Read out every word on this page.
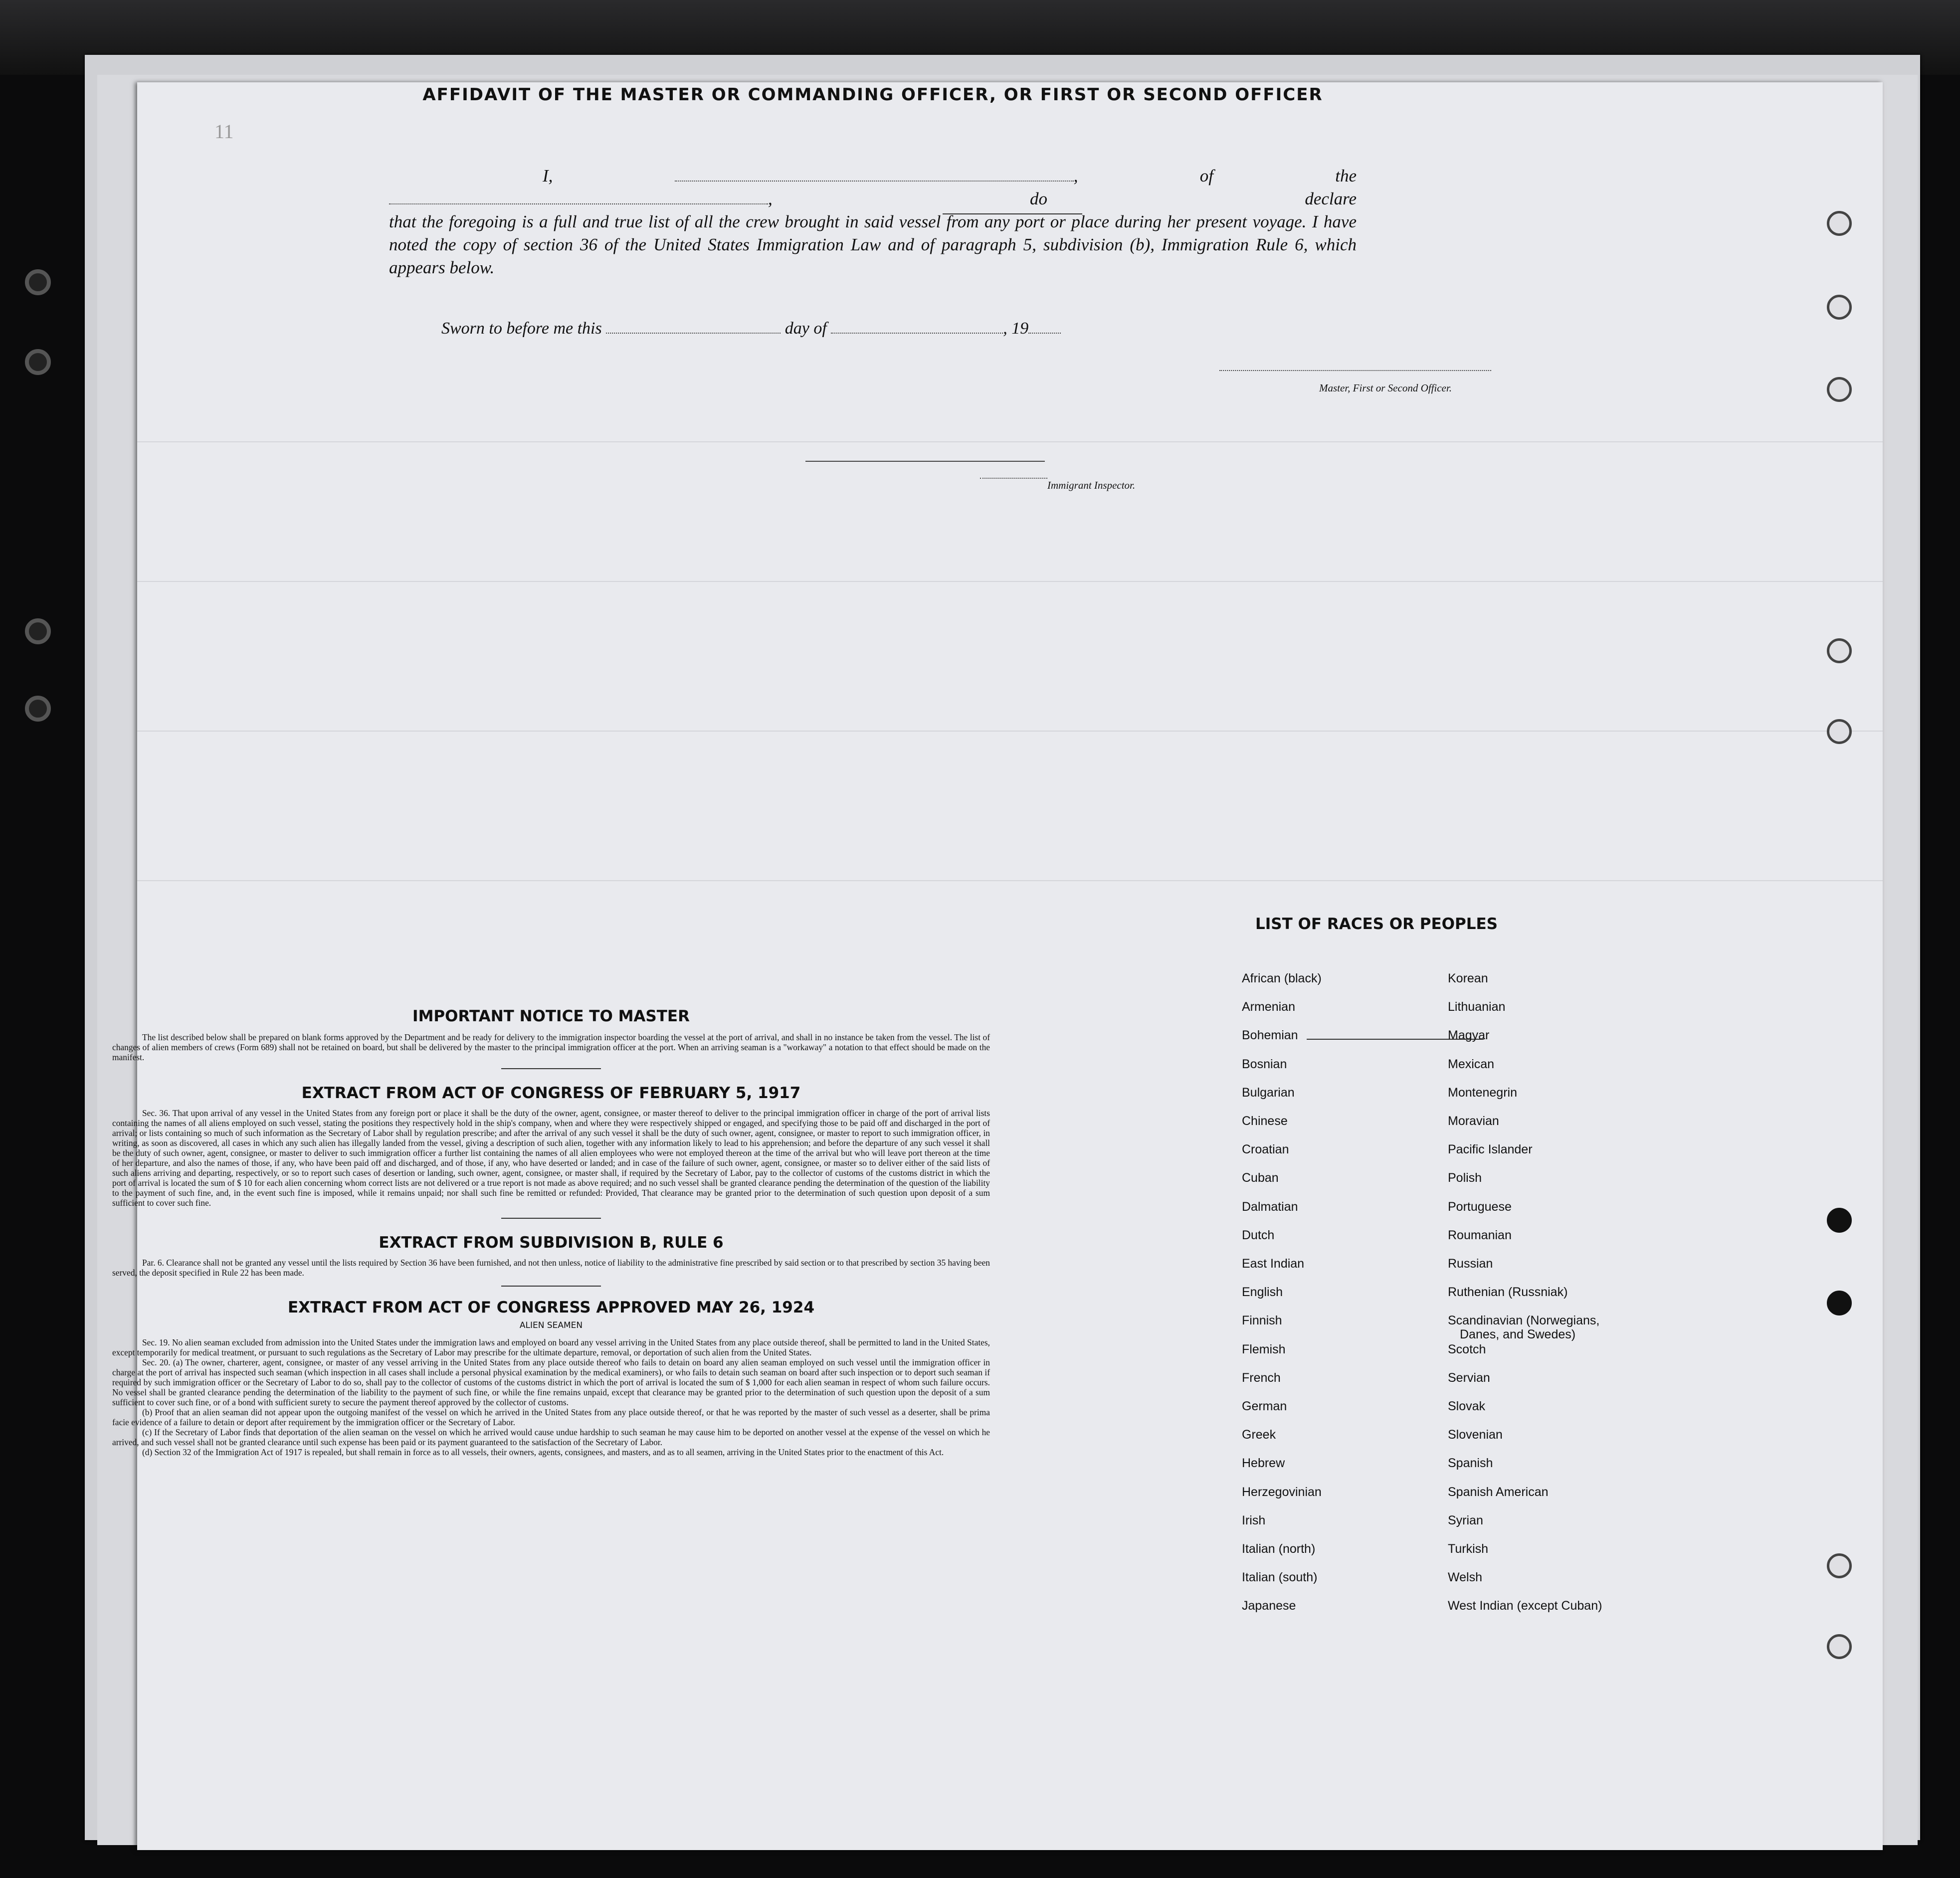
11
AFFIDAVIT OF THE MASTER OR COMMANDING OFFICER, OR FIRST OR SECOND OFFICER
I,	, of the , do declare
that the foregoing is a full and true list of all the crew brought in said vessel from any port or place during her present voyage. I have noted the copy of section 36 of the United States Immigration Law and of paragraph 5, subdivision (b), Immigration Rule 6, which appears below.
Master, First or Second Officer.
Sworn to before me this	day of	, 19
Immigrant Inspector.
IMPORTANT NOTICE TO MASTER

The list described below shall be prepared on blank forms approved by the Department and be ready for delivery to the immigration inspector boarding the vessel at the port of arrival, and shall in no instance be taken from the vessel. The list of changes of alien members of crews (Form 689) shall not be retained on board, but shall be delivered by the master to the principal immigration officer at the port. When an arriving seaman is a "workaway" a notation to that effect should be made on the manifest.

EXTRACT FROM ACT OF CONGRESS OF FEBRUARY 5, 1917

Sec. 36. That upon arrival of any vessel in the United States from any foreign port or place it shall be the duty of the owner, agent, consignee, or master thereof to deliver to the principal immigration officer in charge of the port of arrival lists containing the names of all aliens employed on such vessel, stating the positions they respectively hold in the ship's company, when and where they were respectively shipped or engaged, and specifying those to be paid off and discharged in the port of arrival; or lists containing so much of such information as the Secretary of Labor shall by regulation prescribe; and after the arrival of any such vessel it shall be the duty of such owner, agent, consignee, or master to report to such immigration officer, in writing, as soon as discovered, all cases in which any such alien has illegally landed from the vessel, giving a description of such alien, together with any information likely to lead to his apprehension; and before the departure of any such vessel it shall be the duty of such owner, agent, consignee, or master to deliver to such immigration officer a further list containing the names of all alien employees who were not employed thereon at the time of the arrival but who will leave port thereon at the time of her departure, and also the names of those, if any, who have been paid off and discharged, and of those, if any, who have deserted or landed; and in case of the failure of such owner, agent, consignee, or master so to deliver either of the said lists of such aliens arriving and departing, respectively, or so to report such cases of desertion or landing, such owner, agent, consignee, or master shall, if required by the Secretary of Labor, pay to the collector of customs of the customs district in which the port of arrival is located the sum of $ 10 for each alien concerning whom correct lists are not delivered or a true report is not made as above required; and no such vessel shall be granted clearance pending the determination of the question of the liability to the payment of such fine, and, in the event such fine is imposed, while it remains unpaid; nor shall such fine be remitted or refunded: Provided, That clearance may be granted prior to the determination of such question upon deposit of a sum sufficient to cover such fine.

EXTRACT FROM SUBDIVISION B, RULE 6

Par. 6. Clearance shall not be granted any vessel until the lists required by Section 36 have been furnished, and not then unless, notice of liability to the administrative fine prescribed by said section or to that prescribed by section 35 having been served, the deposit specified in Rule 22 has been made.

EXTRACT FROM ACT OF CONGRESS APPROVED MAY 26, 1924

ALIEN SEAMEN

Sec. 19. No alien seaman excluded from admission into the United States under the immigration laws and employed on board any vessel arriving in the United States from any place outside thereof, shall be permitted to land in the United States, except temporarily for medical treatment, or pursuant to such regulations as the Secretary of Labor may prescribe for the ultimate departure, removal, or deportation of such alien from the United States.

Sec. 20. (a) The owner, charterer, agent, consignee, or master of any vessel arriving in the United States from any place outside thereof who fails to detain on board any alien seaman employed on such vessel until the immigration officer in charge at the port of arrival has inspected such seaman (which inspection in all cases shall include a personal physical examination by the medical examiners), or who fails to detain such seaman on board after such inspection or to deport such seaman if required by such immigration officer or the Secretary of Labor to do so, shall pay to the collector of customs of the customs district in which the port of arrival is located the sum of $ 1,000 for each alien seaman in respect of whom such failure occurs. No vessel shall be granted clearance pending the determination of the liability to the payment of such fine, or while the fine remains unpaid, except that clearance may be granted prior to the determination of such question upon the deposit of a sum sufficient to cover such fine, or of a bond with sufficient surety to secure the payment thereof approved by the collector of customs.

(b) Proof that an alien seaman did not appear upon the outgoing manifest of the vessel on which he arrived in the United States from any place outside thereof, or that he was reported by the master of such vessel as a deserter, shall be prima facie evidence of a failure to detain or deport after requirement by the immigration officer or the Secretary of Labor.

(c) If the Secretary of Labor finds that deportation of the alien seaman on the vessel on which he arrived would cause undue hardship to such seaman he may cause him to be deported on another vessel at the expense of the vessel on which he arrived, and such vessel shall not be granted clearance until such expense has been paid or its payment guaranteed to the satisfaction of the Secretary of Labor.

(d) Section 32 of the Immigration Act of 1917 is repealed, but shall remain in force as to all vessels, their owners, agents, consignees, and masters, and as to all seamen, arriving in the United States prior to the enactment of this Act.

LIST OF RACES OR PEOPLES
African (black)
Armenian
Bohemian
Bosnian
Bulgarian
Chinese
Croatian
Cuban
Dalmatian
Dutch
East Indian
English
Finnish
Flemish
French
German
Greek
Hebrew
Herzegovinian
Irish
Italian (north)
Italian (south)
Japanese
Korean
Lithuanian
Magyar
Mexican
Montenegrin
Moravian
Pacific Islander
Polish
Portuguese
Roumanian
Russian
Ruthenian (Russniak)
Scandinavian (Norwegians,
Danes, and Swedes)
Scotch
Servian
Slovak
Slovenian
Spanish
Spanish American
Syrian
Turkish
Welsh
West Indian (except Cuban)
